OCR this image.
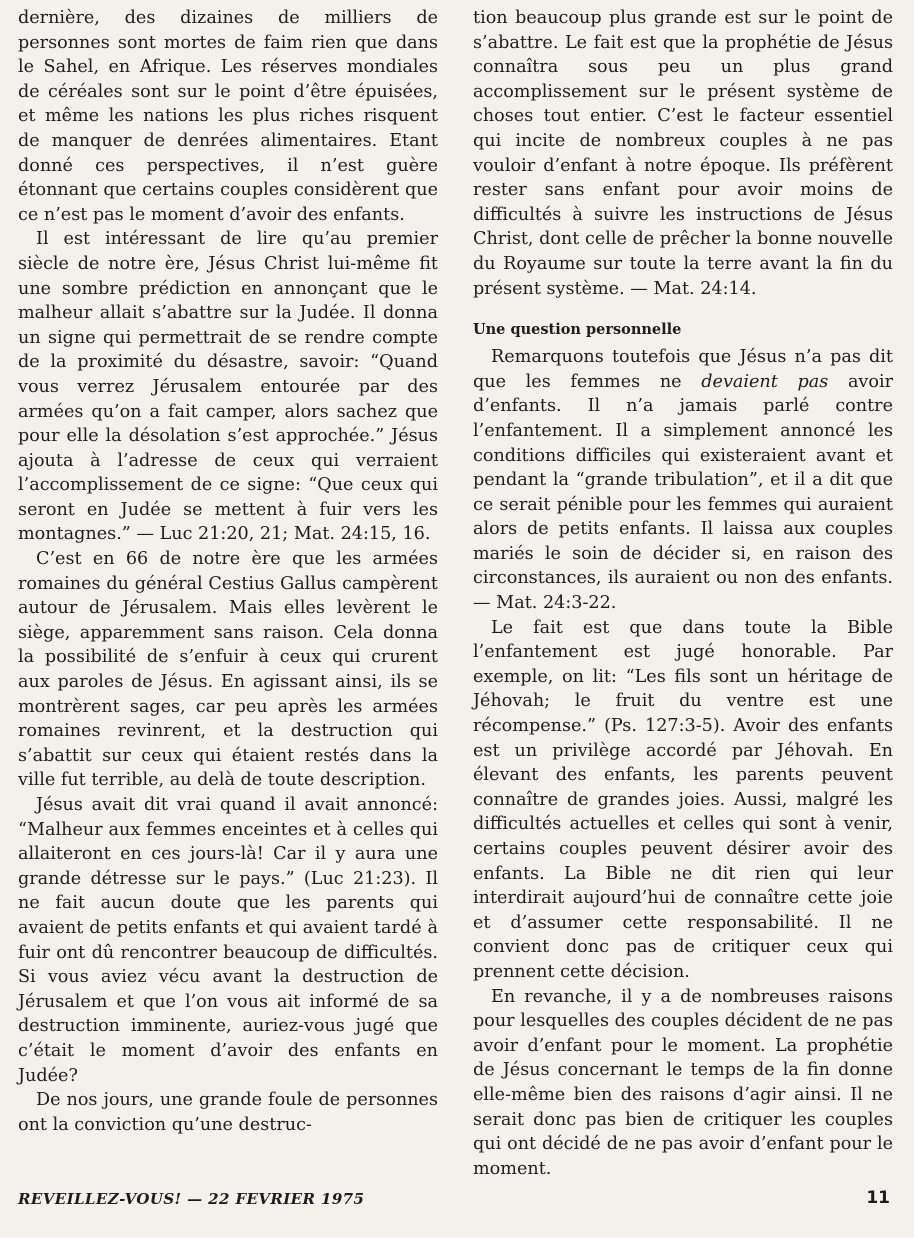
dernière, des dizaines de milliers de personnes sont mortes de faim rien que dans le Sahel, en Afrique. Les réserves mondiales de céréales sont sur le point d’être épuisées, et même les nations les plus riches risquent de manquer de denrées alimentaires. Etant donné ces perspectives, il n’est guère étonnant que certains couples considèrent que ce n’est pas le moment d’avoir des enfants.

Il est intéressant de lire qu’au premier siècle de notre ère, Jésus Christ lui-même fit une sombre prédiction en annonçant que le malheur allait s’abattre sur la Judée. Il donna un signe qui permettrait de se rendre compte de la proximité du désastre, savoir: “Quand vous verrez Jérusalem entourée par des armées qu’on a fait camper, alors sachez que pour elle la désolation s’est approchée.” Jésus ajouta à l’adresse de ceux qui verraient l’accomplissement de ce signe: “Que ceux qui seront en Judée se mettent à fuir vers les montagnes.” — Luc 21:20, 21; Mat. 24:15, 16.

C’est en 66 de notre ère que les armées romaines du général Cestius Gallus campèrent autour de Jérusalem. Mais elles levèrent le siège, apparemment sans raison. Cela donna la possibilité de s’enfuir à ceux qui crurent aux paroles de Jésus. En agissant ainsi, ils se montrèrent sages, car peu après les armées romaines revinrent, et la destruction qui s’abattit sur ceux qui étaient restés dans la ville fut terrible, au delà de toute description.

Jésus avait dit vrai quand il avait annoncé: “Malheur aux femmes enceintes et à celles qui allaiteront en ces jours-là! Car il y aura une grande détresse sur le pays.” (Luc 21:23). Il ne fait aucun doute que les parents qui avaient de petits enfants et qui avaient tardé à fuir ont dû rencontrer beaucoup de difficultés. Si vous aviez vécu avant la destruction de Jérusalem et que l’on vous ait informé de sa destruction imminente, auriez-vous jugé que c’était le moment d’avoir des enfants en Judée?

De nos jours, une grande foule de personnes ont la conviction qu’une destruc-

tion beaucoup plus grande est sur le point de s’abattre. Le fait est que la prophétie de Jésus connaîtra sous peu un plus grand accomplissement sur le présent système de choses tout entier. C’est le facteur essentiel qui incite de nombreux couples à ne pas vouloir d’enfant à notre époque. Ils préfèrent rester sans enfant pour avoir moins de difficultés à suivre les instructions de Jésus Christ, dont celle de prêcher la bonne nouvelle du Royaume sur toute la terre avant la fin du présent système. — Mat. 24:14.

Une question personnelle

Remarquons toutefois que Jésus n’a pas dit que les femmes ne devaient pas avoir d’enfants. Il n’a jamais parlé contre l’enfantement. Il a simplement annoncé les conditions difficiles qui existeraient avant et pendant la “grande tribulation”, et il a dit que ce serait pénible pour les femmes qui auraient alors de petits enfants. Il laissa aux couples mariés le soin de décider si, en raison des circonstances, ils auraient ou non des enfants. — Mat. 24:3-22.

Le fait est que dans toute la Bible l’enfantement est jugé honorable. Par exemple, on lit: “Les fils sont un héritage de Jéhovah; le fruit du ventre est une récompense.” (Ps. 127:3-5). Avoir des enfants est un privilège accordé par Jéhovah. En élevant des enfants, les parents peuvent connaître de grandes joies. Aussi, malgré les difficultés actuelles et celles qui sont à venir, certains couples peuvent désirer avoir des enfants. La Bible ne dit rien qui leur interdirait aujourd’hui de connaître cette joie et d’assumer cette responsabilité. Il ne convient donc pas de critiquer ceux qui prennent cette décision.

En revanche, il y a de nombreuses raisons pour lesquelles des couples décident de ne pas avoir d’enfant pour le moment. La prophétie de Jésus concernant le temps de la fin donne elle-même bien des raisons d’agir ainsi. Il ne serait donc pas bien de critiquer les couples qui ont décidé de ne pas avoir d’enfant pour le moment.

REVEILLEZ-VOUS! — 22 FEVRIER 1975	11
